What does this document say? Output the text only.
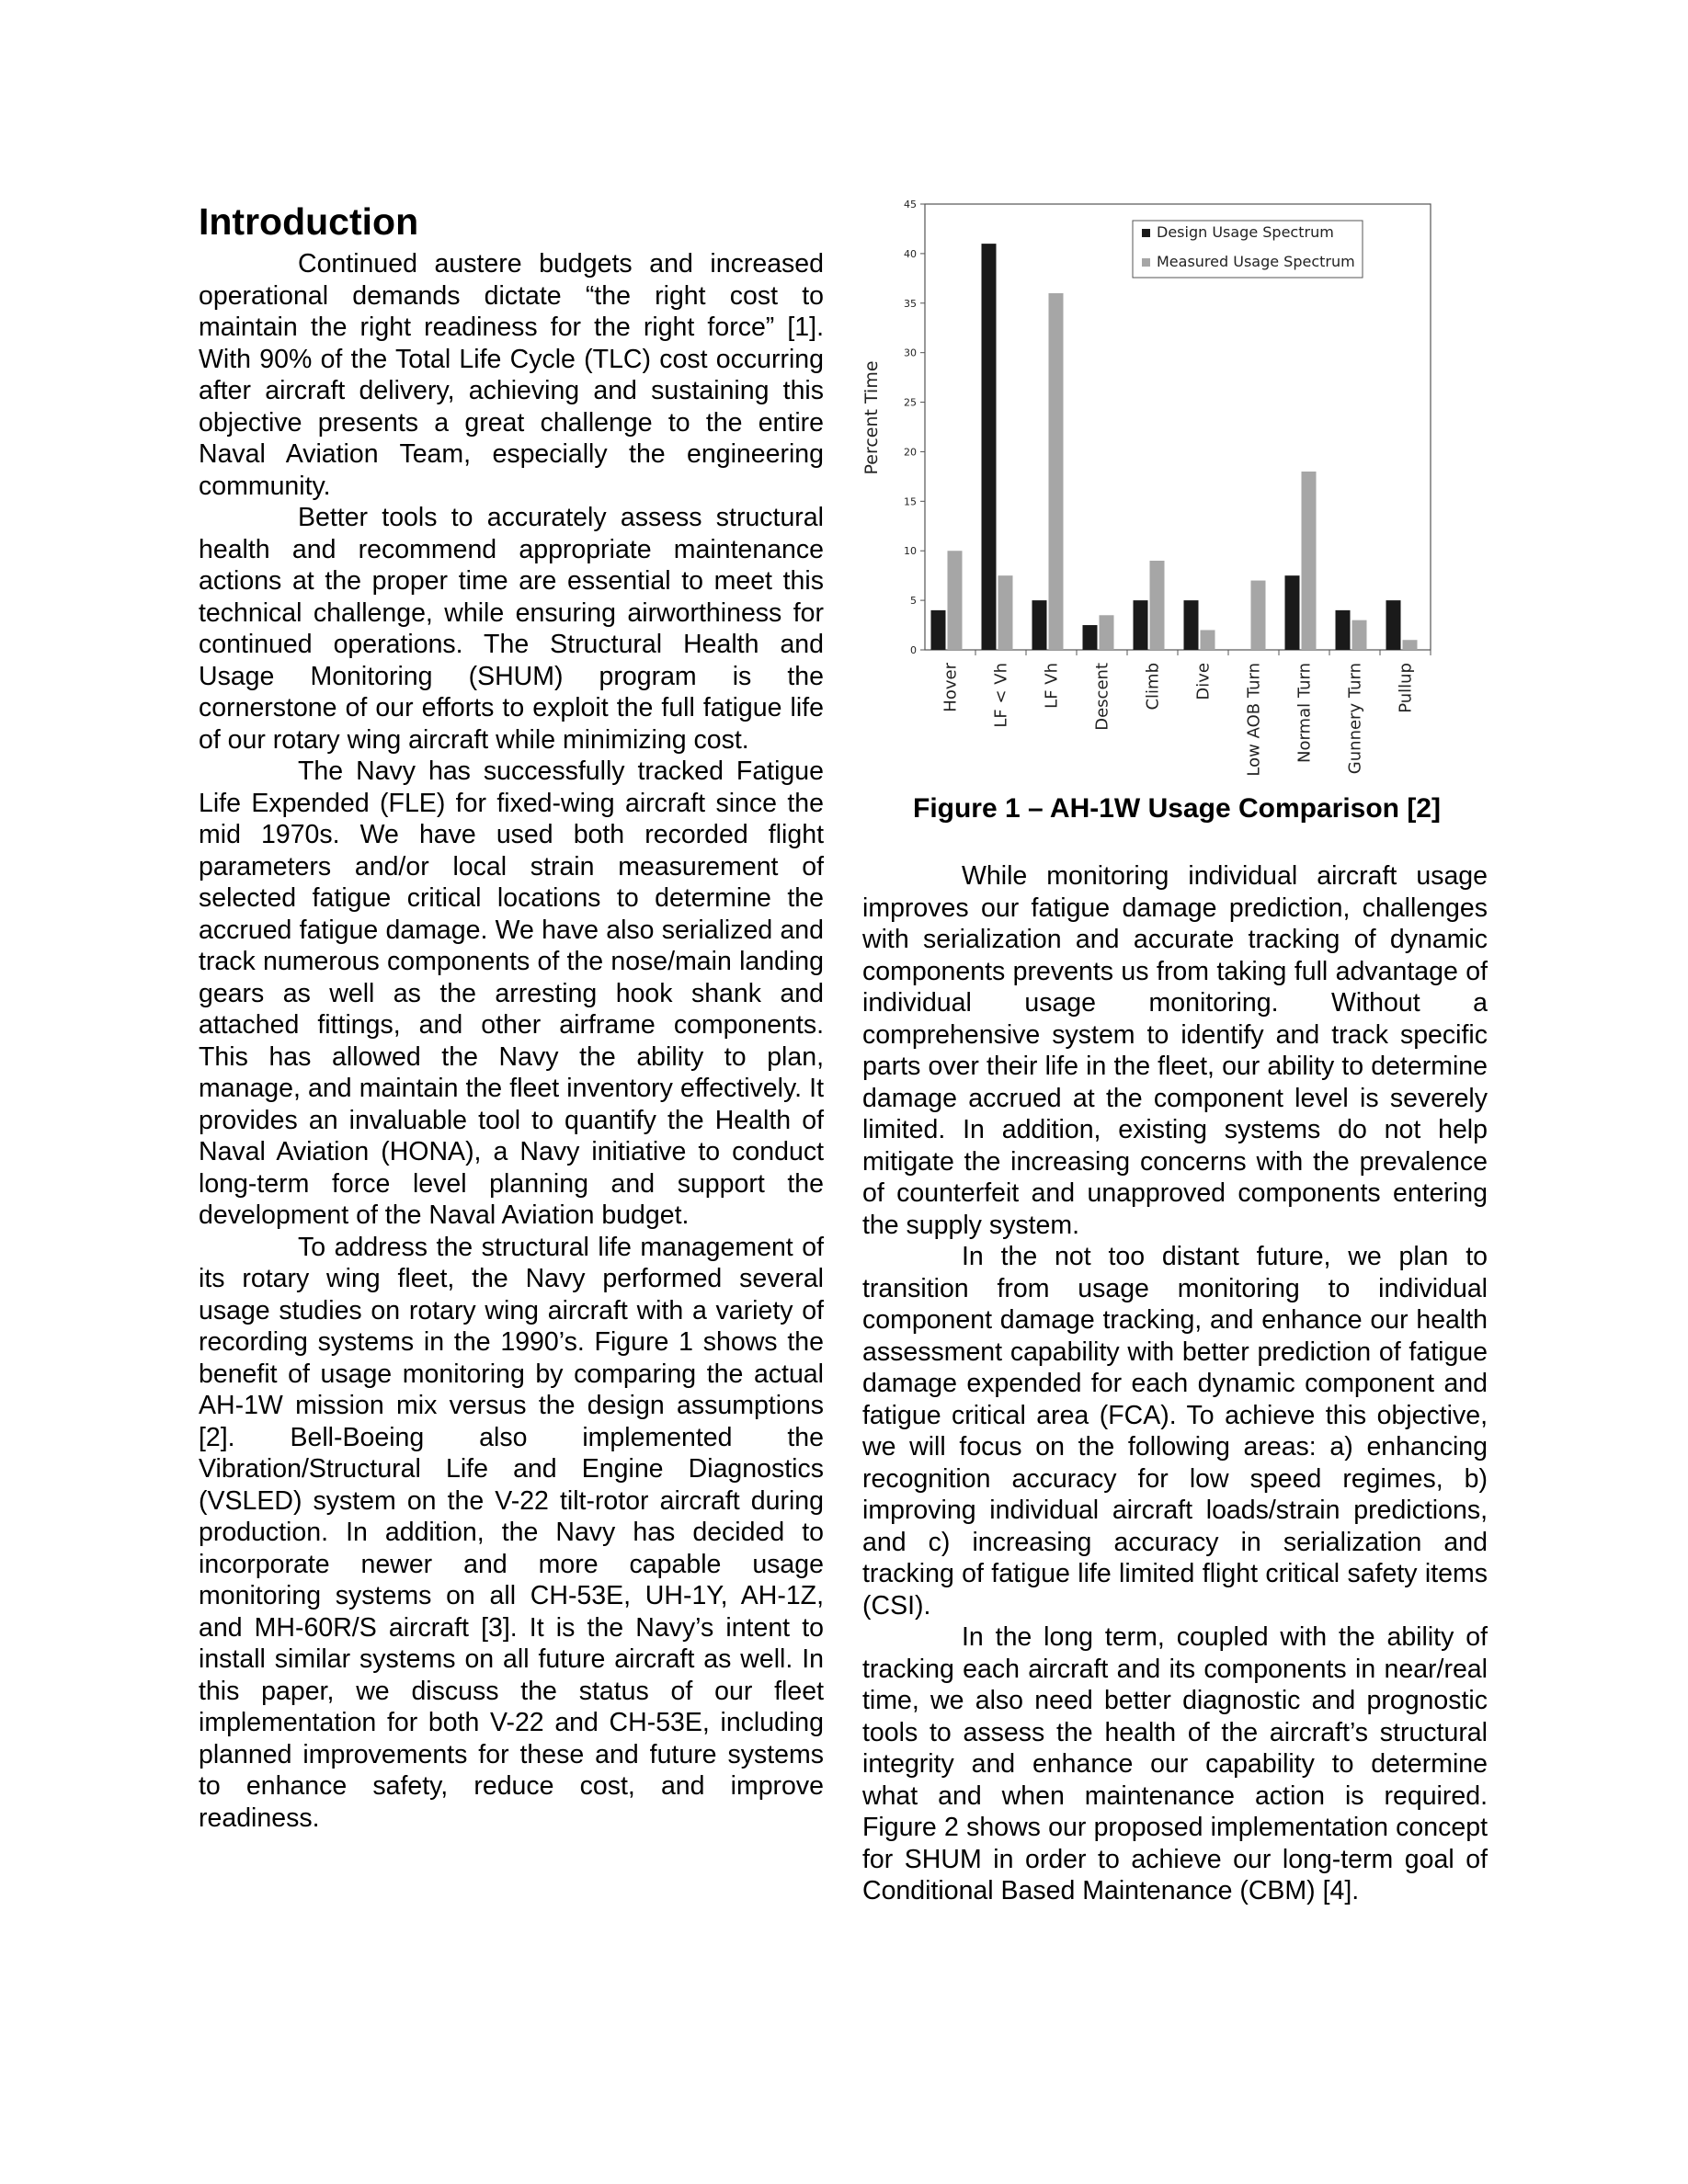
Introduction

Continued austere budgets and increased operational demands dictate “the right cost to maintain the right readiness for the right force” [1]. With 90% of the Total Life Cycle (TLC) cost occurring after aircraft delivery, achieving and sustaining this objective presents a great challenge to the entire Naval Aviation Team, especially the engineering community.

Better tools to accurately assess structural health and recommend appropriate maintenance actions at the proper time are essential to meet this technical challenge, while ensuring airworthiness for continued operations. The Structural Health and Usage Monitoring (SHUM) program is the cornerstone of our efforts to exploit the full fatigue life of our rotary wing aircraft while minimizing cost.

The Navy has successfully tracked Fatigue Life Expended (FLE) for fixed-wing aircraft since the mid 1970s. We have used both recorded flight parameters and/or local strain measurement of selected fatigue critical locations to determine the accrued fatigue damage. We have also serialized and track numerous components of the nose/main landing gears as well as the arresting hook shank and attached fittings, and other airframe components. This has allowed the Navy the ability to plan, manage, and maintain the fleet inventory effectively. It provides an invaluable tool to quantify the Health of Naval Aviation (HONA), a Navy initiative to conduct long-term force level planning and support the development of the Naval Aviation budget.

To address the structural life management of its rotary wing fleet, the Navy performed several usage studies on rotary wing aircraft with a variety of recording systems in the 1990’s. Figure 1 shows the benefit of usage monitoring by comparing the actual AH-1W mission mix versus the design assumptions [2]. Bell-Boeing also implemented the Vibration/Structural Life and Engine Diagnostics (VSLED) system on the V-22 tilt-rotor aircraft during production. In addition, the Navy has decided to incorporate newer and more capable usage monitoring systems on all CH-53E, UH-1Y, AH-1Z, and MH-60R/S aircraft [3]. It is the Navy’s intent to install similar systems on all future aircraft as well. In this paper, we discuss the status of our fleet implementation for both V-22 and CH-53E, including planned improvements for these and future systems to enhance safety, reduce cost, and improve readiness.

0
5
10
15
20
25
30
35
40
45
Percent Time
Hover LF < Vh LF Vh Descent Climb Dive Low AOB Turn Normal Turn Gunnery Turn Pullup
Design Usage Spectrum
Measured Usage Spectrum
Figure 1 – AH-1W Usage Comparison [2]

While monitoring individual aircraft usage improves our fatigue damage prediction, challenges with serialization and accurate tracking of dynamic components prevents us from taking full advantage of individual usage monitoring. Without a comprehensive system to identify and track specific parts over their life in the fleet, our ability to determine damage accrued at the component level is severely limited. In addition, existing systems do not help mitigate the increasing concerns with the prevalence of counterfeit and unapproved components entering the supply system.

In the not too distant future, we plan to transition from usage monitoring to individual component damage tracking, and enhance our health assessment capability with better prediction of fatigue damage expended for each dynamic component and fatigue critical area (FCA). To achieve this objective, we will focus on the following areas: a) enhancing recognition accuracy for low speed regimes, b) improving individual aircraft loads/strain predictions, and c) increasing accuracy in serialization and tracking of fatigue life limited flight critical safety items (CSI).

In the long term, coupled with the ability of tracking each aircraft and its components in near/real time, we also need better diagnostic and prognostic tools to assess the health of the aircraft’s structural integrity and enhance our capability to determine what and when maintenance action is required. Figure 2 shows our proposed implementation concept for SHUM in order to achieve our long-term goal of Conditional Based Maintenance (CBM) [4].
